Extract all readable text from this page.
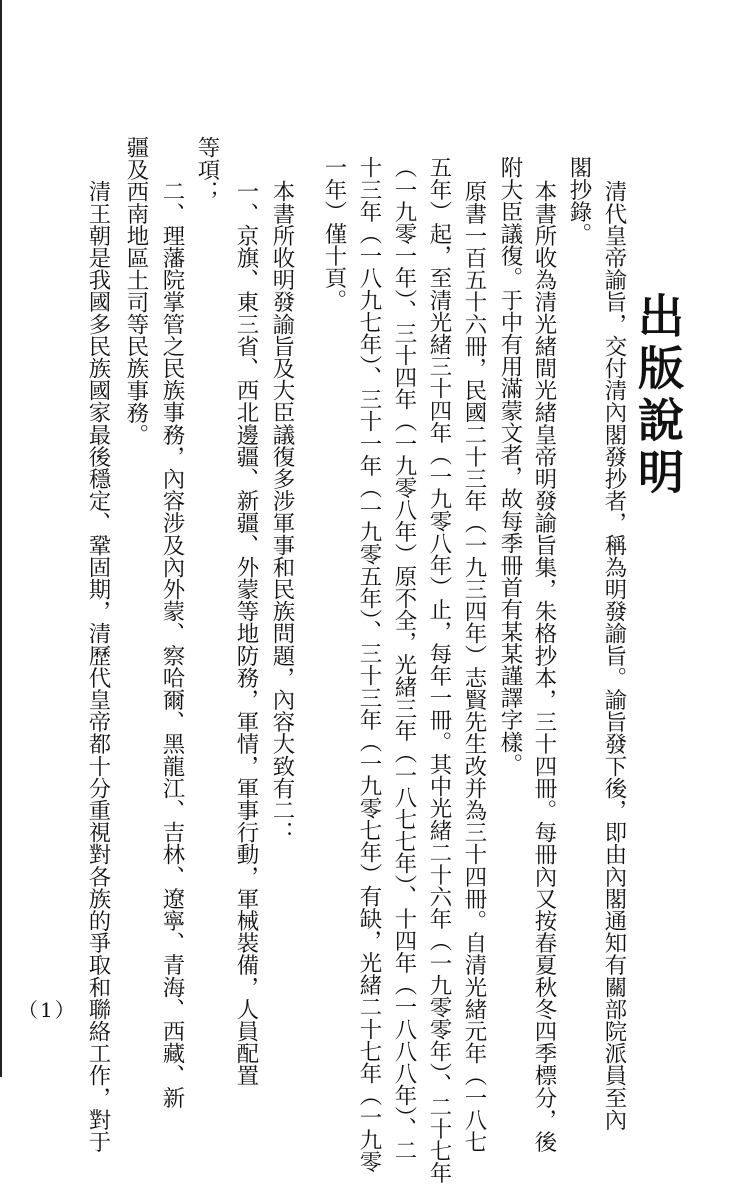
出版說明
清代皇帝諭旨，交付清內閣發抄者，稱為明發諭旨。諭旨發下後，即由內閣通知有關部院派員至內
閣抄錄。
本書所收為清光緒間光緒皇帝明發諭旨集，朱格抄本，三十四冊。每冊內又按春夏秋冬四季標分，後
附大臣議復。于中有用滿蒙文者，故每季冊首有某某謹譯字樣。
原書一百五十六冊，民國二十三年（一九三四年）志賢先生改并為三十四冊。自清光緒元年（一八七
五年）起，至清光緒三十四年（一九零八年）止，每年一冊。其中光緒二十六年（一九零零年）、二十七年
（一九零一年）、三十四年（一九零八年）原不全，光緒三年（一八七七年）、十四年（一八八八年）、二
十三年（一八九七年）、三十一年（一九零五年）、三十三年（一九零七年）有缺，光緒二十七年（一九零
一年）僅十頁。
本書所收明發諭旨及大臣議復多涉軍事和民族問題，內容大致有二：
一、京旗、東三省、西北邊疆、新疆、外蒙等地防務，軍情，軍事行動，軍械裝備，人員配置
等項；
二、理藩院掌管之民族事務，內容涉及內外蒙、察哈爾、黑龍江、吉林、遼寧、青海、西藏、新
疆及西南地區土司等民族事務。
清王朝是我國多民族國家最後穩定、鞏固期，清歷代皇帝都十分重視對各族的爭取和聯絡工作，對于
（1）
